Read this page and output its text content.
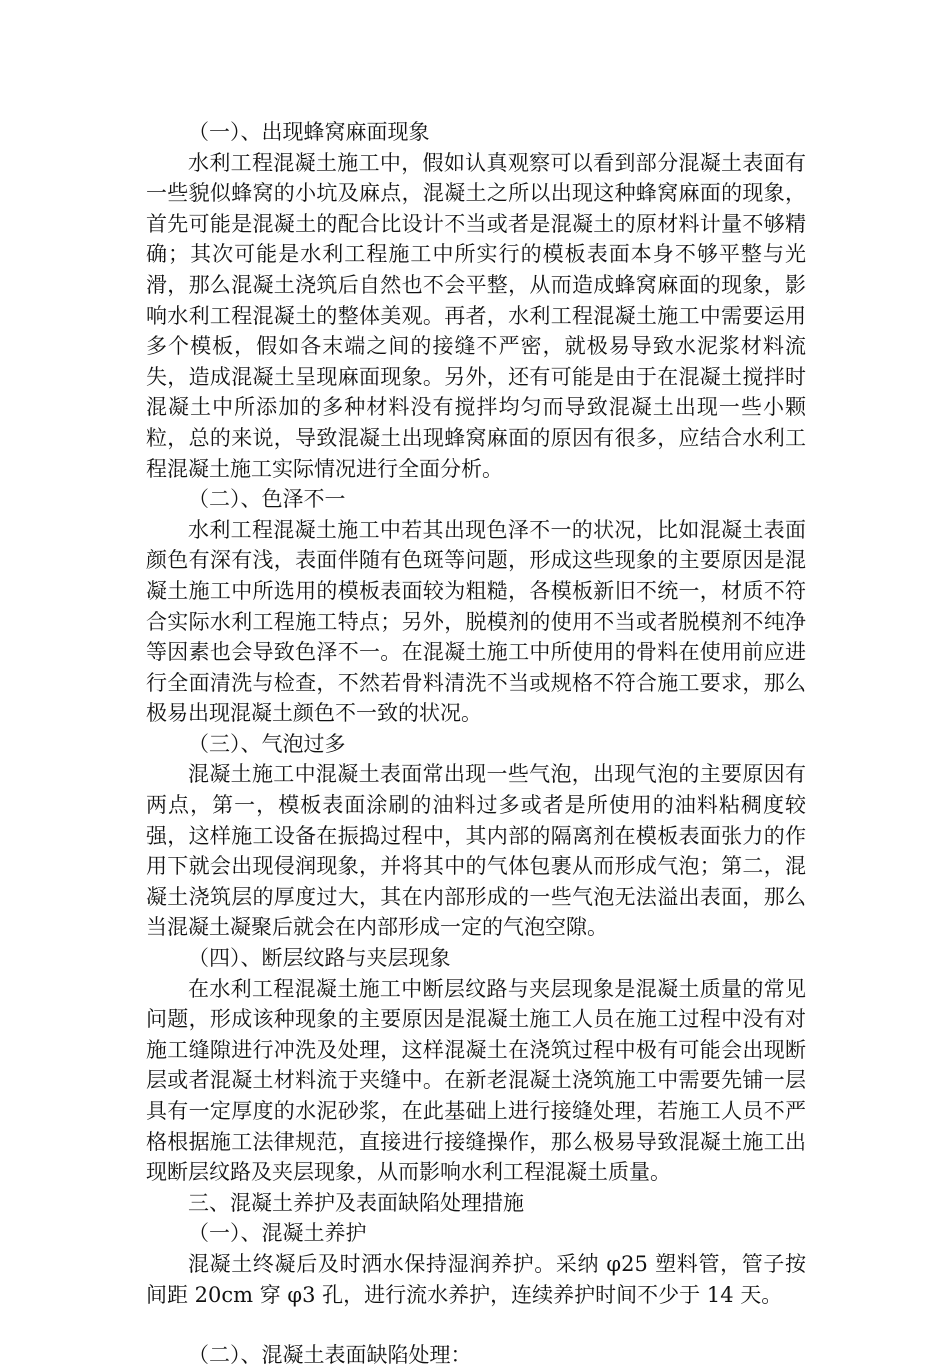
（一）、出现蜂窝麻面现象

水利工程混凝土施工中，假如认真观察可以看到部分混凝土表面有一些貌似蜂窝的小坑及麻点，混凝土之所以出现这种蜂窝麻面的现象，首先可能是混凝土的配合比设计不当或者是混凝土的原材料计量不够精确；其次可能是水利工程施工中所实行的模板表面本身不够平整与光滑，那么混凝土浇筑后自然也不会平整，从而造成蜂窝麻面的现象，影响水利工程混凝土的整体美观。再者，水利工程混凝土施工中需要运用多个模板，假如各末端之间的接缝不严密，就极易导致水泥浆材料流失，造成混凝土呈现麻面现象。另外，还有可能是由于在混凝土搅拌时混凝土中所添加的多种材料没有搅拌均匀而导致混凝土出现一些小颗粒，总的来说，导致混凝土出现蜂窝麻面的原因有很多，应结合水利工程混凝土施工实际情况进行全面分析。

（二）、色泽不一

水利工程混凝土施工中若其出现色泽不一的状况，比如混凝土表面颜色有深有浅，表面伴随有色斑等问题，形成这些现象的主要原因是混凝土施工中所选用的模板表面较为粗糙，各模板新旧不统一，材质不符合实际水利工程施工特点；另外，脱模剂的使用不当或者脱模剂不纯净等因素也会导致色泽不一。在混凝土施工中所使用的骨料在使用前应进行全面清洗与检查，不然若骨料清洗不当或规格不符合施工要求，那么极易出现混凝土颜色不一致的状况。

（三）、气泡过多

混凝土施工中混凝土表面常出现一些气泡，出现气泡的主要原因有两点，第一，模板表面涂刷的油料过多或者是所使用的油料粘稠度较强，这样施工设备在振捣过程中，其内部的隔离剂在模板表面张力的作用下就会出现侵润现象，并将其中的气体包裹从而形成气泡；第二，混凝土浇筑层的厚度过大，其在内部形成的一些气泡无法溢出表面，那么当混凝土凝聚后就会在内部形成一定的气泡空隙。

（四）、断层纹路与夹层现象

在水利工程混凝土施工中断层纹路与夹层现象是混凝土质量的常见问题，形成该种现象的主要原因是混凝土施工人员在施工过程中没有对施工缝隙进行冲洗及处理，这样混凝土在浇筑过程中极有可能会出现断层或者混凝土材料流于夹缝中。在新老混凝土浇筑施工中需要先铺一层具有一定厚度的水泥砂浆，在此基础上进行接缝处理，若施工人员不严格根据施工法律规范，直接进行接缝操作，那么极易导致混凝土施工出现断层纹路及夹层现象，从而影响水利工程混凝土质量。

三、混凝土养护及表面缺陷处理措施

（一）、混凝土养护

混凝土终凝后及时洒水保持湿润养护。采纳 φ25 塑料管，管子按间距 20cm 穿 φ3 孔，进行流水养护，连续养护时间不少于 14 天。

（二）、混凝土表面缺陷处理：
